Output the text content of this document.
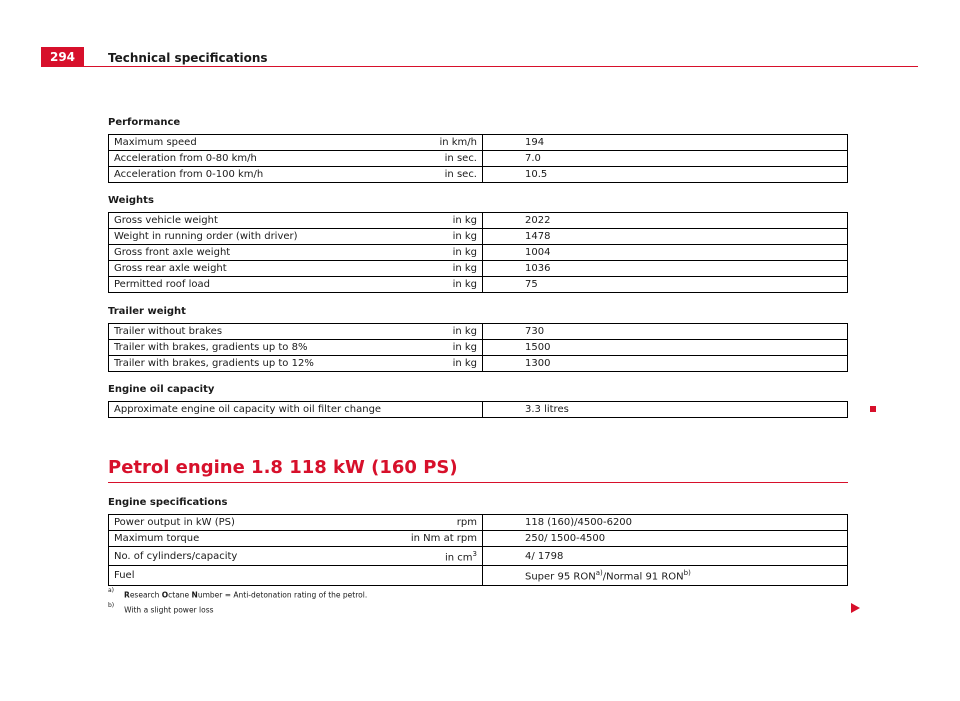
294	Technical specifications
Performance
Maximum speed	in km/h	194
Acceleration from 0-80 km/h	in sec.	7.0
Acceleration from 0-100 km/h	in sec.	10.5
Weights
Gross vehicle weight	in kg	2022
Weight in running order (with driver)	in kg	1478
Gross front axle weight	in kg	1004
Gross rear axle weight	in kg	1036
Permitted roof load	in kg	75
Trailer weight
Trailer without brakes	in kg	730
Trailer with brakes, gradients up to 8%	in kg	1500
Trailer with brakes, gradients up to 12%	in kg	1300
Engine oil capacity
Approximate engine oil capacity with oil filter change	3.3 litres
Petrol engine 1.8 118 kW (160 PS)
Engine specifications
Power output in kW (PS)	rpm	118 (160)/4500-6200
Maximum torque	in Nm at rpm	250/ 1500-4500
No. of cylinders/capacity	in cm$^3$	4/ 1798
Fuel		Super 95 RON$^{a)}$/Normal 91 RON$^{b)}$
$^{a)}$ Research Octane Number = Anti-detonation rating of the petrol.
$^{b)}$ With a slight power loss
